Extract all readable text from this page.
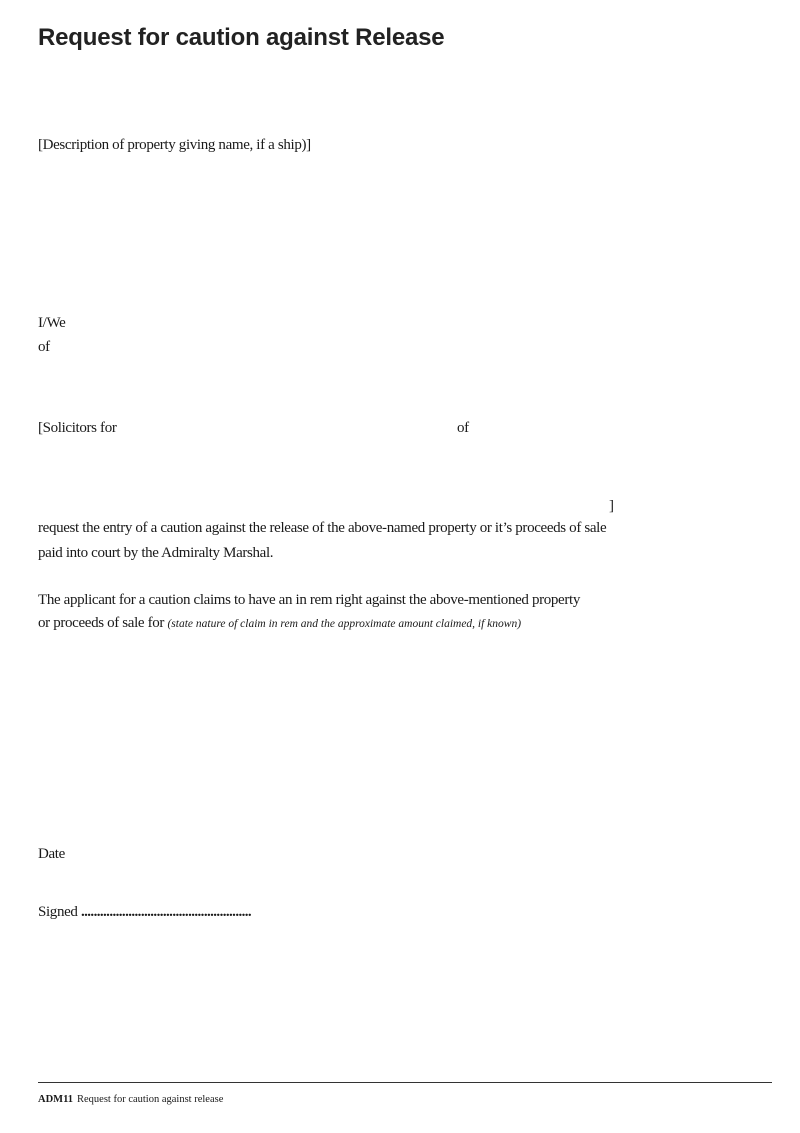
Request for caution against Release
[Description of property giving name, if a ship)]
I/We
of
[Solicitors for	of
]
request the entry of a caution against the release of the above-named property or it’s proceeds of sale
paid into court by the Admiralty Marshal.
The applicant for a caution claims to have an in rem right against the above-mentioned property
or proceeds of sale for (state nature of claim in rem and the approximate amount claimed, if known)
Date
Signed ......................................................
ADM11 Request for caution against release
